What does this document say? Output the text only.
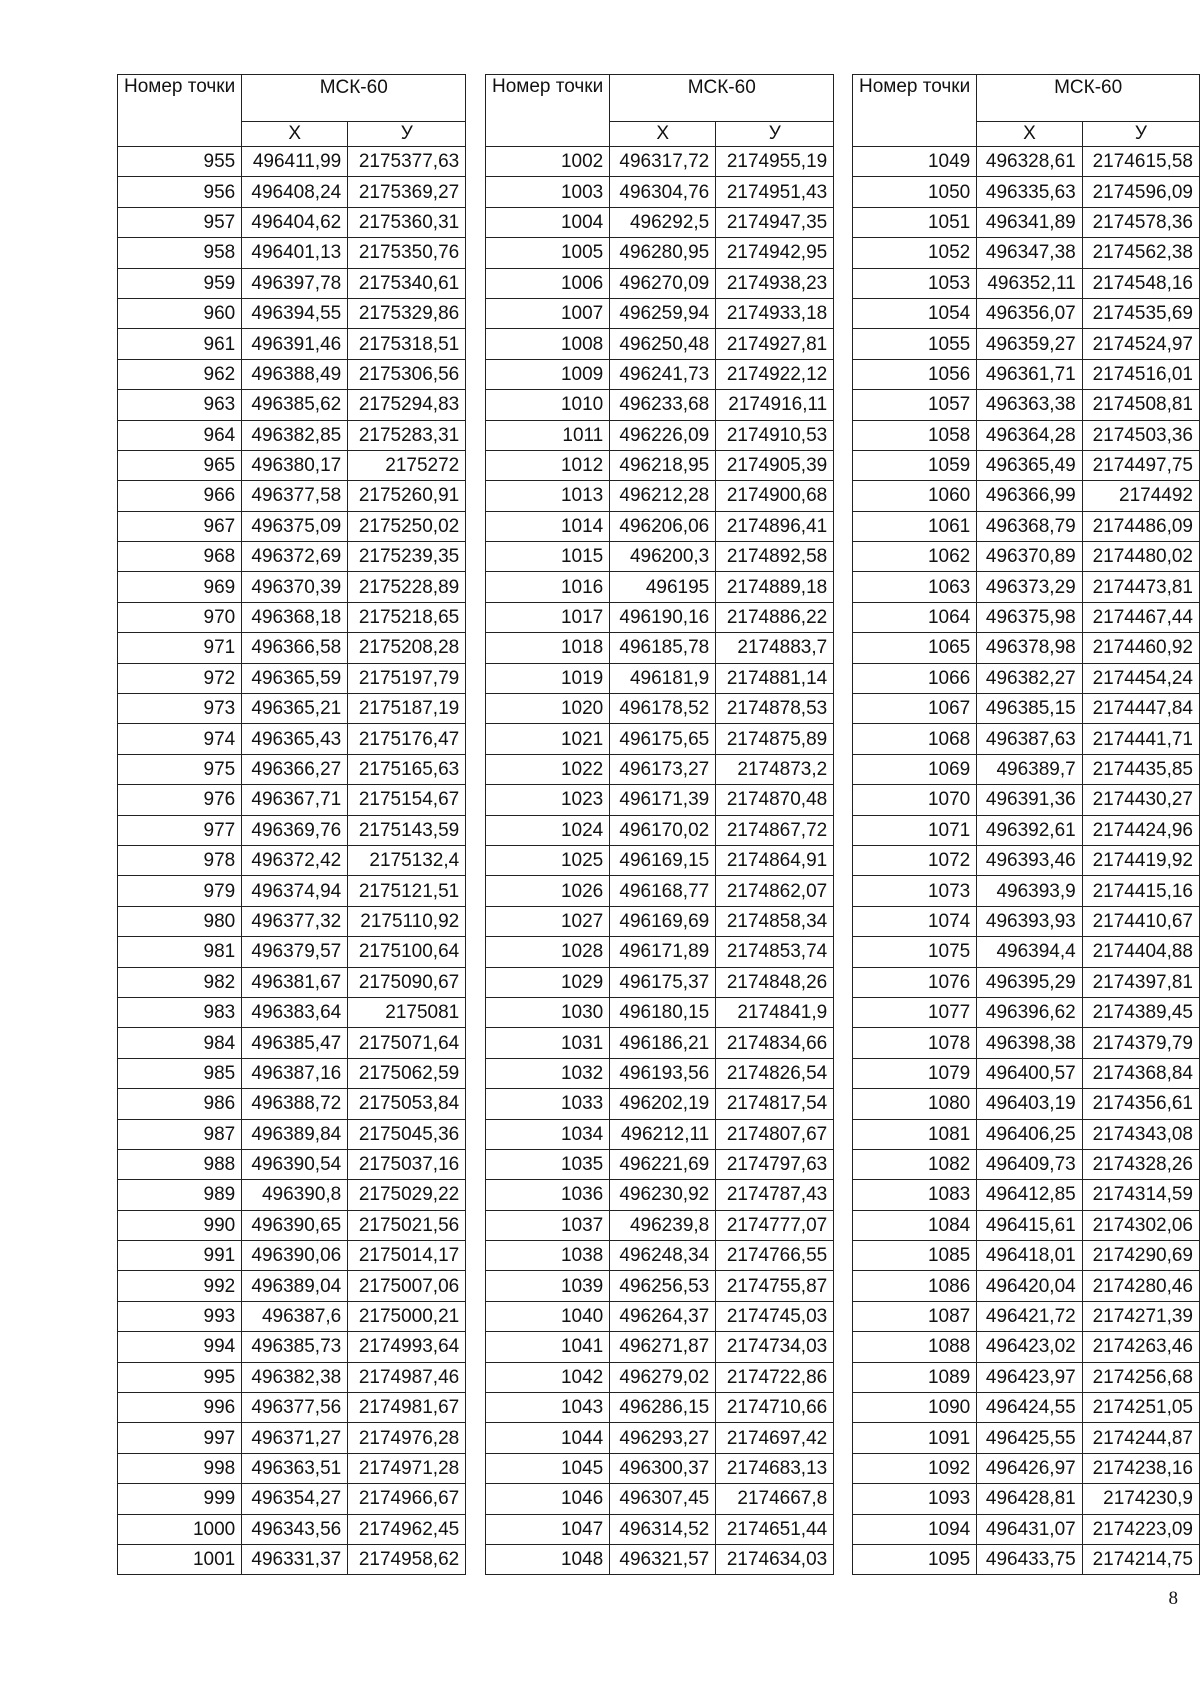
Номер точки	МСК-60	
	Х	У
955	496411,99	2175377,63
956	496408,24	2175369,27
957	496404,62	2175360,31
958	496401,13	2175350,76
959	496397,78	2175340,61
960	496394,55	2175329,86
961	496391,46	2175318,51
962	496388,49	2175306,56
963	496385,62	2175294,83
964	496382,85	2175283,31
965	496380,17	2175272
966	496377,58	2175260,91
967	496375,09	2175250,02
968	496372,69	2175239,35
969	496370,39	2175228,89
970	496368,18	2175218,65
971	496366,58	2175208,28
972	496365,59	2175197,79
973	496365,21	2175187,19
974	496365,43	2175176,47
975	496366,27	2175165,63
976	496367,71	2175154,67
977	496369,76	2175143,59
978	496372,42	2175132,4
979	496374,94	2175121,51
980	496377,32	2175110,92
981	496379,57	2175100,64
982	496381,67	2175090,67
983	496383,64	2175081
984	496385,47	2175071,64
985	496387,16	2175062,59
986	496388,72	2175053,84
987	496389,84	2175045,36
988	496390,54	2175037,16
989	496390,8	2175029,22
990	496390,65	2175021,56
991	496390,06	2175014,17
992	496389,04	2175007,06
993	496387,6	2175000,21
994	496385,73	2174993,64
995	496382,38	2174987,46
996	496377,56	2174981,67
997	496371,27	2174976,28
998	496363,51	2174971,28
999	496354,27	2174966,67
1000	496343,56	2174962,45
1001	496331,37	2174958,62
Номер точки	МСК-60	
	Х	У
1002	496317,72	2174955,19
1003	496304,76	2174951,43
1004	496292,5	2174947,35
1005	496280,95	2174942,95
1006	496270,09	2174938,23
1007	496259,94	2174933,18
1008	496250,48	2174927,81
1009	496241,73	2174922,12
1010	496233,68	2174916,11
1011	496226,09	2174910,53
1012	496218,95	2174905,39
1013	496212,28	2174900,68
1014	496206,06	2174896,41
1015	496200,3	2174892,58
1016	496195	2174889,18
1017	496190,16	2174886,22
1018	496185,78	2174883,7
1019	496181,9	2174881,14
1020	496178,52	2174878,53
1021	496175,65	2174875,89
1022	496173,27	2174873,2
1023	496171,39	2174870,48
1024	496170,02	2174867,72
1025	496169,15	2174864,91
1026	496168,77	2174862,07
1027	496169,69	2174858,34
1028	496171,89	2174853,74
1029	496175,37	2174848,26
1030	496180,15	2174841,9
1031	496186,21	2174834,66
1032	496193,56	2174826,54
1033	496202,19	2174817,54
1034	496212,11	2174807,67
1035	496221,69	2174797,63
1036	496230,92	2174787,43
1037	496239,8	2174777,07
1038	496248,34	2174766,55
1039	496256,53	2174755,87
1040	496264,37	2174745,03
1041	496271,87	2174734,03
1042	496279,02	2174722,86
1043	496286,15	2174710,66
1044	496293,27	2174697,42
1045	496300,37	2174683,13
1046	496307,45	2174667,8
1047	496314,52	2174651,44
1048	496321,57	2174634,03
Номер точки	МСК-60	
	Х	У
1049	496328,61	2174615,58
1050	496335,63	2174596,09
1051	496341,89	2174578,36
1052	496347,38	2174562,38
1053	496352,11	2174548,16
1054	496356,07	2174535,69
1055	496359,27	2174524,97
1056	496361,71	2174516,01
1057	496363,38	2174508,81
1058	496364,28	2174503,36
1059	496365,49	2174497,75
1060	496366,99	2174492
1061	496368,79	2174486,09
1062	496370,89	2174480,02
1063	496373,29	2174473,81
1064	496375,98	2174467,44
1065	496378,98	2174460,92
1066	496382,27	2174454,24
1067	496385,15	2174447,84
1068	496387,63	2174441,71
1069	496389,7	2174435,85
1070	496391,36	2174430,27
1071	496392,61	2174424,96
1072	496393,46	2174419,92
1073	496393,9	2174415,16
1074	496393,93	2174410,67
1075	496394,4	2174404,88
1076	496395,29	2174397,81
1077	496396,62	2174389,45
1078	496398,38	2174379,79
1079	496400,57	2174368,84
1080	496403,19	2174356,61
1081	496406,25	2174343,08
1082	496409,73	2174328,26
1083	496412,85	2174314,59
1084	496415,61	2174302,06
1085	496418,01	2174290,69
1086	496420,04	2174280,46
1087	496421,72	2174271,39
1088	496423,02	2174263,46
1089	496423,97	2174256,68
1090	496424,55	2174251,05
1091	496425,55	2174244,87
1092	496426,97	2174238,16
1093	496428,81	2174230,9
1094	496431,07	2174223,09
1095	496433,75	2174214,75
8
